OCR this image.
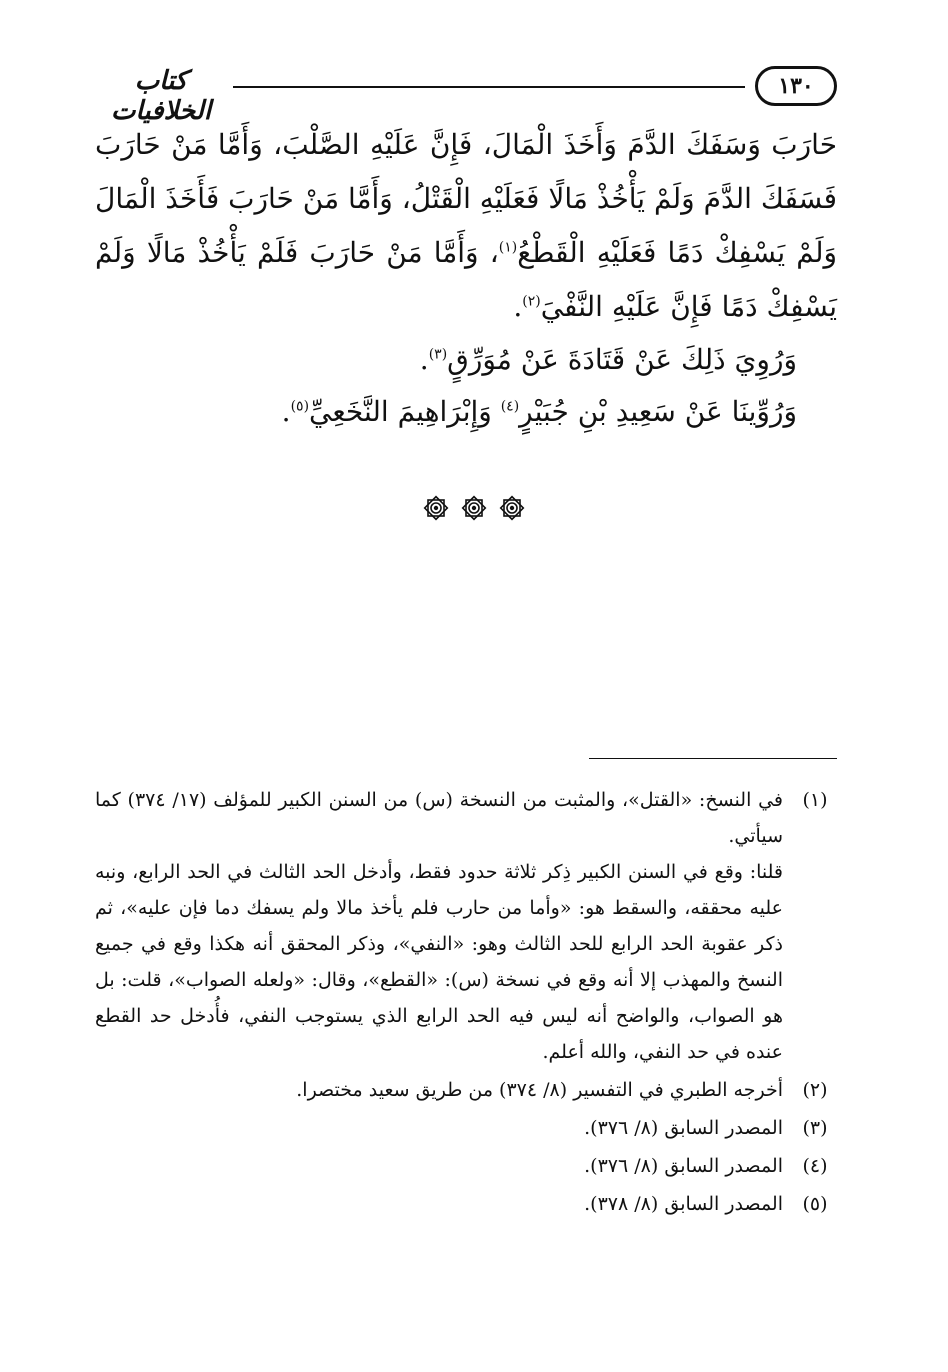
١٣٠
كتاب الخلافيات

حَارَبَ وَسَفَكَ الدَّمَ وَأَخَذَ الْمَالَ، فَإِنَّ عَلَيْهِ الصَّلْبَ، وَأَمَّا مَنْ حَارَبَ فَسَفَكَ الدَّمَ وَلَمْ يَأْخُذْ مَالًا فَعَلَيْهِ الْقَتْلُ، وَأَمَّا مَنْ حَارَبَ فَأَخَذَ الْمَالَ وَلَمْ يَسْفِكْ دَمًا فَعَلَيْهِ الْقَطْعُ$^{(١)}$، وَأَمَّا مَنْ حَارَبَ فَلَمْ يَأْخُذْ مَالًا وَلَمْ يَسْفِكْ دَمًا فَإِنَّ عَلَيْهِ النَّفْيَ$^{(٢)}$.

وَرُوِيَ ذَلِكَ عَنْ قَتَادَةَ عَنْ مُوَرِّقٍ$^{(٣)}$.

وَرُوِّينَا عَنْ سَعِيدِ بْنِ جُبَيْرٍ$^{(٤)}$ وَإِبْرَاهِيمَ النَّخَعِيِّ$^{(٥)}$.

(١)
في النسخ: «القتل»، والمثبت من النسخة (س) من السنن الكبير للمؤلف (١٧/ ٣٧٤) كما سيأتي.

قلنا: وقع في السنن الكبير ذِكر ثلاثة حدود فقط، وأدخل الحد الثالث في الحد الرابع، ونبه عليه محققه، والسقط هو: «وأما من حارب فلم يأخذ مالا ولم يسفك دما فإن عليه»، ثم ذكر عقوبة الحد الرابع للحد الثالث وهو: «النفي»، وذكر المحقق أنه هكذا وقع في جميع النسخ والمهذب إلا أنه وقع في نسخة (س): «القطع»، وقال: «ولعله الصواب»، قلت: بل هو الصواب، والواضح أنه ليس فيه الحد الرابع الذي يستوجب النفي، فأُدخل حد القطع عنده في حد النفي، والله أعلم.

(٢)
أخرجه الطبري في التفسير (٨/ ٣٧٤) من طريق سعيد مختصرا.

(٣)
المصدر السابق (٨/ ٣٧٦).

(٤)
المصدر السابق (٨/ ٣٧٦).

(٥)
المصدر السابق (٨/ ٣٧٨).
